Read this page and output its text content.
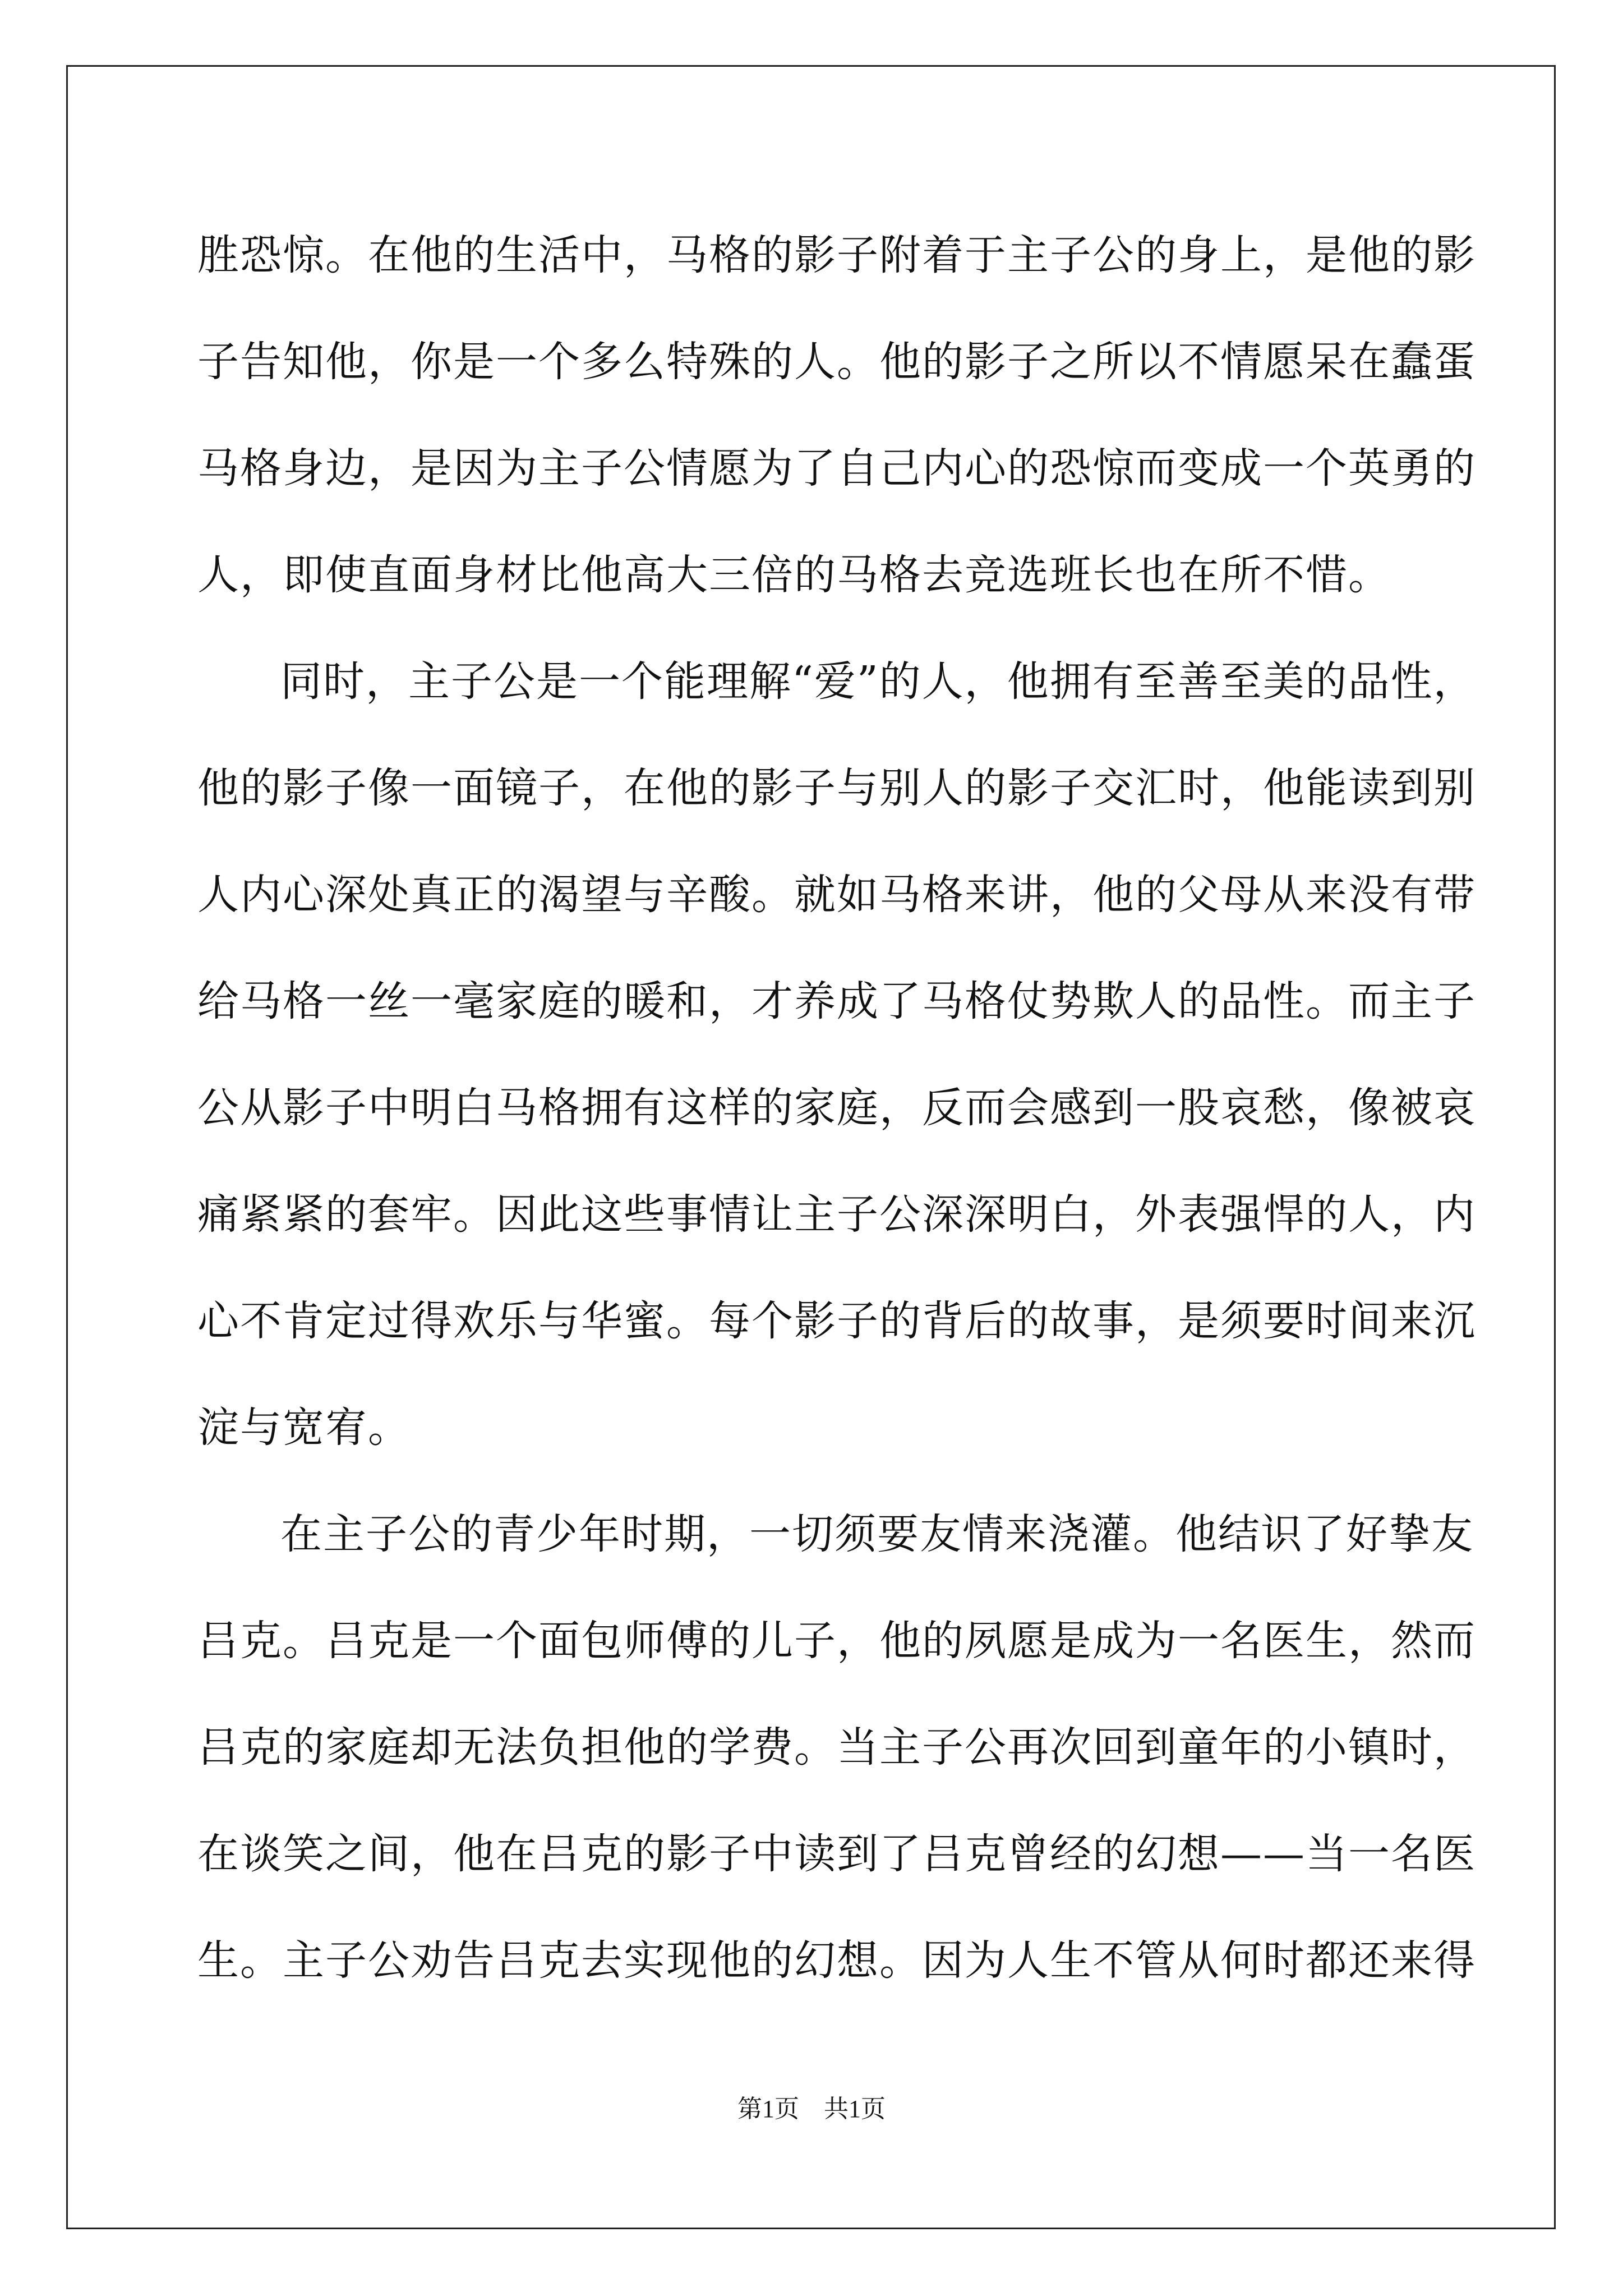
胜恐惊。在他的生活中，马格的影子附着于主子公的身上，是他的影
子告知他，你是一个多么特殊的人。他的影子之所以不情愿呆在蠢蛋
马格身边，是因为主子公情愿为了自己内心的恐惊而变成一个英勇的
人，即使直面身材比他高大三倍的马格去竞选班长也在所不惜。
同时，主子公是一个能理解“爱”的人，他拥有至善至美的品性，
他的影子像一面镜子，在他的影子与别人的影子交汇时，他能读到别
人内心深处真正的渴望与辛酸。就如马格来讲，他的父母从来没有带
给马格一丝一毫家庭的暖和，才养成了马格仗势欺人的品性。而主子
公从影子中明白马格拥有这样的家庭，反而会感到一股哀愁，像被哀
痛紧紧的套牢。因此这些事情让主子公深深明白，外表强悍的人，内
心不肯定过得欢乐与华蜜。每个影子的背后的故事，是须要时间来沉
淀与宽宥。
在主子公的青少年时期，一切须要友情来浇灌。他结识了好挚友
吕克。吕克是一个面包师傅的儿子，他的夙愿是成为一名医生，然而
吕克的家庭却无法负担他的学费。当主子公再次回到童年的小镇时，
在谈笑之间，他在吕克的影子中读到了吕克曾经的幻想——当一名医
生。主子公劝告吕克去实现他的幻想。因为人生不管从何时都还来得
第1页    共1页
